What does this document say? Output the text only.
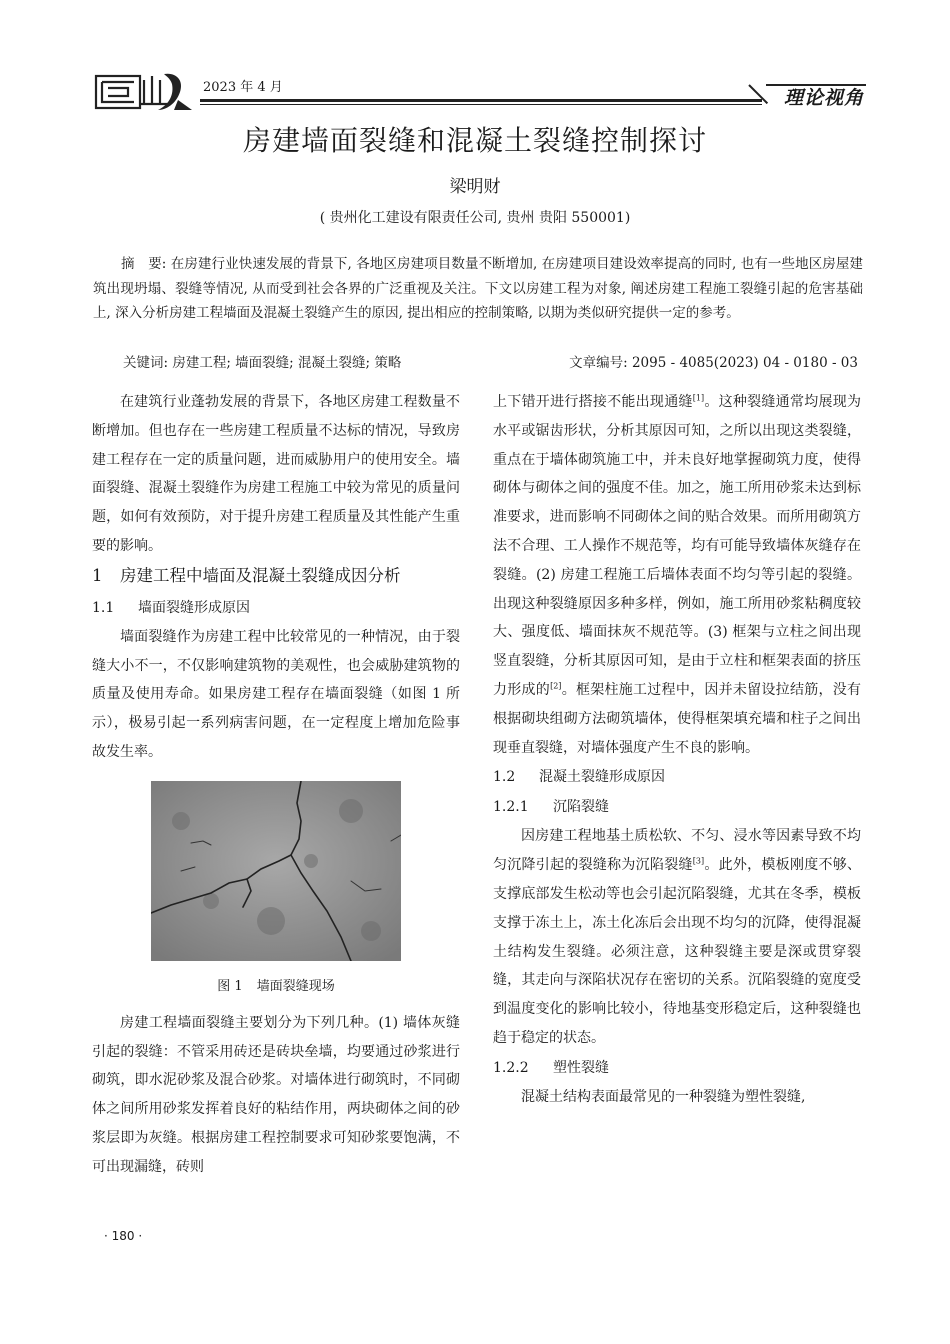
2023 年 4 月	理论视角
房建墙面裂缝和混凝土裂缝控制探讨
梁明财
( 贵州化工建设有限责任公司, 贵州 贵阳 550001)
摘　要: 在房建行业快速发展的背景下, 各地区房建项目数量不断增加, 在房建项目建设效率提高的同时, 也有一些地区房屋建筑出现坍塌、裂缝等情况, 从而受到社会各界的广泛重视及关注。下文以房建工程为对象, 阐述房建工程施工裂缝引起的危害基础上, 深入分析房建工程墙面及混凝土裂缝产生的原因, 提出相应的控制策略, 以期为类似研究提供一定的参考。
关键词: 房建工程; 墙面裂缝; 混凝土裂缝; 策略	文章编号: 2095 - 4085(2023) 04 - 0180 - 03

在建筑行业蓬勃发展的背景下，各地区房建工程数量不断增加。但也存在一些房建工程质量不达标的情况，导致房建工程存在一定的质量问题，进而威胁用户的使用安全。墙面裂缝、混凝土裂缝作为房建工程施工中较为常见的质量问题，如何有效预防，对于提升房建工程质量及其性能产生重要的影响。

1 房建工程中墙面及混凝土裂缝成因分析
1.1 墙面裂缝形成原因

墙面裂缝作为房建工程中比较常见的一种情况，由于裂缝大小不一，不仅影响建筑物的美观性，也会威胁建筑物的质量及使用寿命。如果房建工程存在墙面裂缝（如图 1 所示），极易引起一系列病害问题，在一定程度上增加危险事故发生率。

图 1 墙面裂缝现场

房建工程墙面裂缝主要划分为下列几种。(1) 墙体灰缝引起的裂缝：不管采用砖还是砖块垒墙，均要通过砂浆进行砌筑，即水泥砂浆及混合砂浆。对墙体进行砌筑时，不同砌体之间所用砂浆发挥着良好的粘结作用，两块砌体之间的砂浆层即为灰缝。根据房建工程控制要求可知砂浆要饱满，不可出现漏缝，砖则

上下错开进行搭接不能出现通缝[1]。这种裂缝通常均展现为水平或锯齿形状，分析其原因可知，之所以出现这类裂缝，重点在于墙体砌筑施工中，并未良好地掌握砌筑力度，使得砌体与砌体之间的强度不佳。加之，施工所用砂浆未达到标准要求，进而影响不同砌体之间的贴合效果。而所用砌筑方法不合理、工人操作不规范等，均有可能导致墙体灰缝存在裂缝。(2) 房建工程施工后墙体表面不均匀等引起的裂缝。出现这种裂缝原因多种多样，例如，施工所用砂浆粘稠度较大、强度低、墙面抹灰不规范等。(3) 框架与立柱之间出现竖直裂缝，分析其原因可知，是由于立柱和框架表面的挤压力形成的[2]。框架柱施工过程中，因并未留设拉结筋，没有根据砌块组砌方法砌筑墙体，使得框架填充墙和柱子之间出现垂直裂缝，对墙体强度产生不良的影响。

1.2 混凝土裂缝形成原因
1.2.1 沉陷裂缝

因房建工程地基土质松软、不匀、浸水等因素导致不均匀沉降引起的裂缝称为沉陷裂缝[3]。此外，模板刚度不够、支撑底部发生松动等也会引起沉陷裂缝，尤其在冬季，模板支撑于冻土上，冻土化冻后会出现不均匀的沉降，使得混凝土结构发生裂缝。必须注意，这种裂缝主要是深或贯穿裂缝，其走向与深陷状况存在密切的关系。沉陷裂缝的宽度受到温度变化的影响比较小，待地基变形稳定后，这种裂缝也趋于稳定的状态。

1.2.2 塑性裂缝

混凝土结构表面最常见的一种裂缝为塑性裂缝,

· 180 ·
